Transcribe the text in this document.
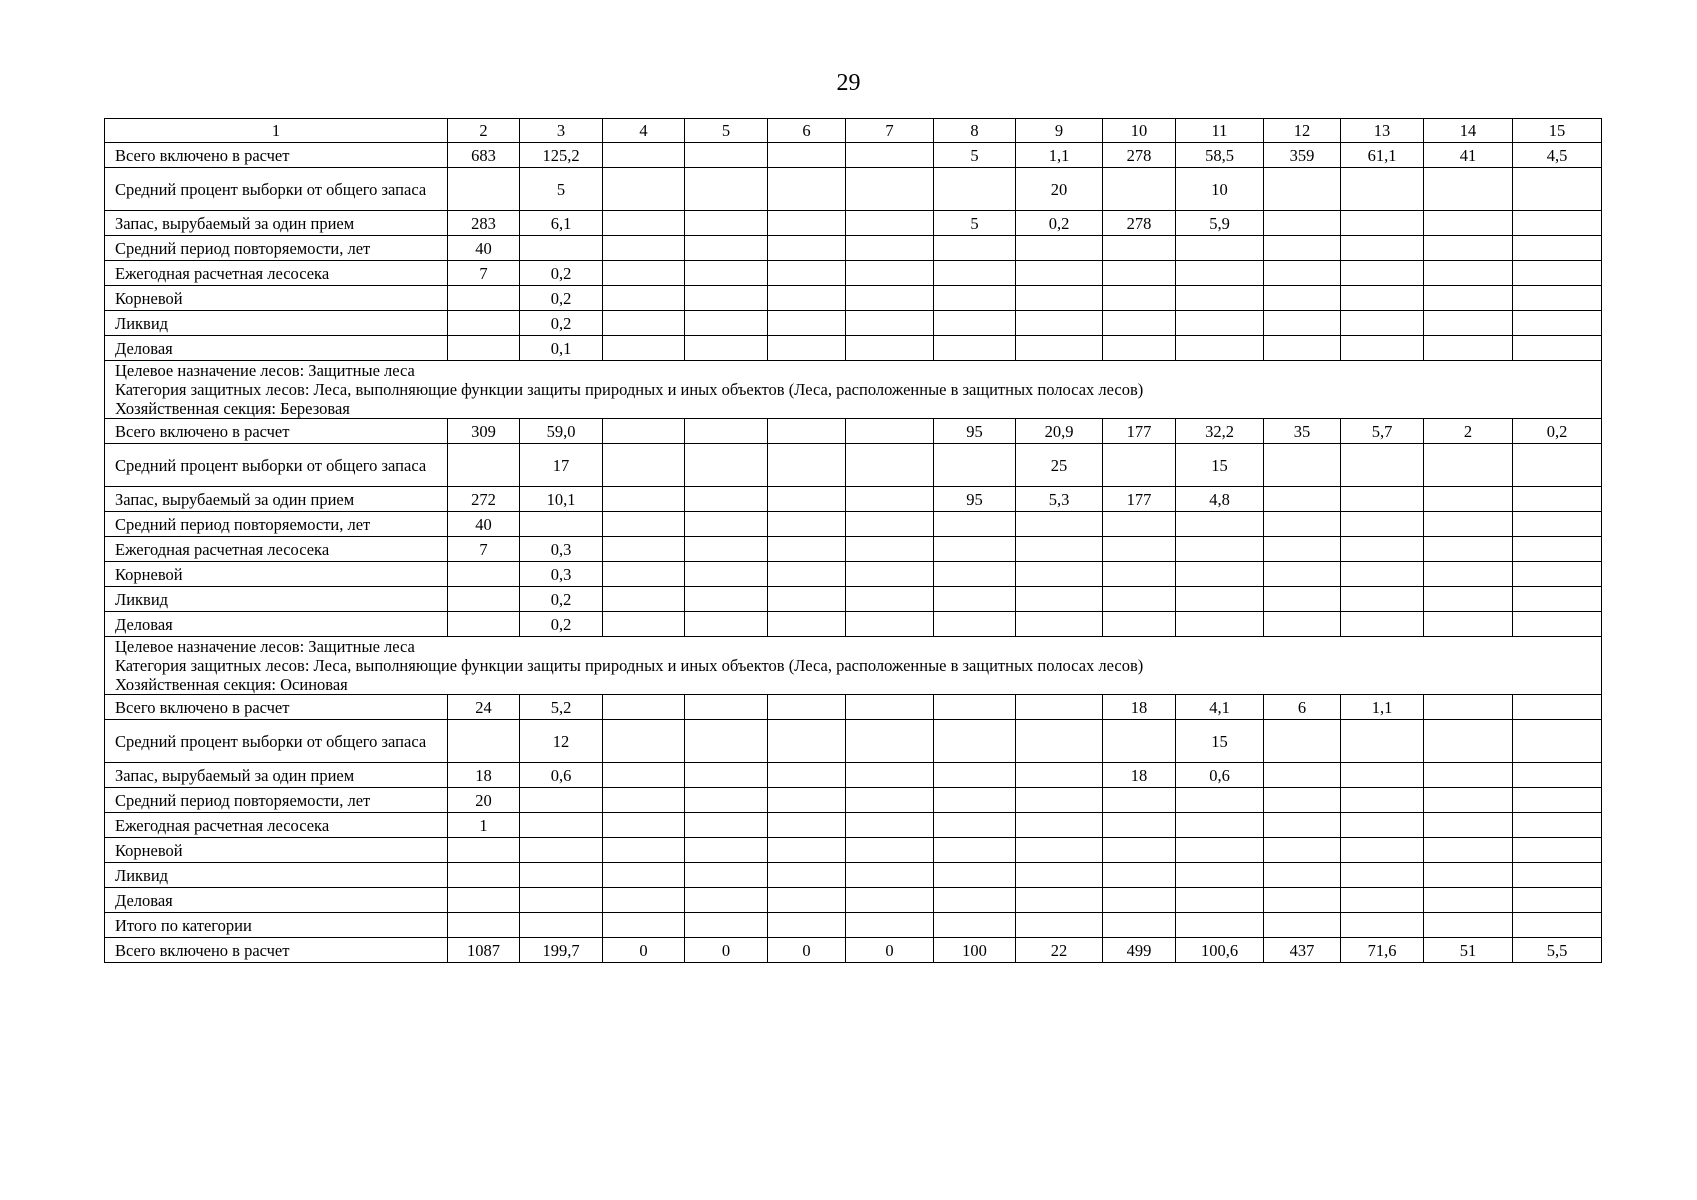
29
1	2	3	4	5	6	7	8	9	10	11	12	13	14	15
Всего включено в расчет	683	125,2					5	1,1	278	58,5	359	61,1	41	4,5
Средний процент выборки от общего запаса		5						20		10				
Запас, вырубаемый за один прием	283	6,1					5	0,2	278	5,9				
Средний период повторяемости, лет	40													
Ежегодная расчетная лесосека	7	0,2												
Корневой		0,2												
Ликвид		0,2												
Деловая		0,1												

Целевое назначение лесов: Защитные леса
Категория защитных лесов: Леса, выполняющие функции защиты природных и иных объектов (Леса, расположенные в защитных полосах лесов)
Хозяйственная секция: Березовая														

Всего включено в расчет	309	59,0					95	20,9	177	32,2	35	5,7	2	0,2
Средний процент выборки от общего запаса		17						25		15				
Запас, вырубаемый за один прием	272	10,1					95	5,3	177	4,8				
Средний период повторяемости, лет	40													
Ежегодная расчетная лесосека	7	0,3												
Корневой		0,3												
Ликвид		0,2												
Деловая		0,2												

Целевое назначение лесов: Защитные леса
Категория защитных лесов: Леса, выполняющие функции защиты природных и иных объектов (Леса, расположенные в защитных полосах лесов)
Хозяйственная секция: Осиновая														

Всего включено в расчет	24	5,2							18	4,1	6	1,1		
Средний процент выборки от общего запаса		12								15				
Запас, вырубаемый за один прием	18	0,6							18	0,6				
Средний период повторяемости, лет	20													
Ежегодная расчетная лесосека	1													
Корневой														
Ликвид														
Деловая														
Итого по категории														
Всего включено в расчет	1087	199,7	0	0	0	0	100	22	499	100,6	437	71,6	51	5,5
